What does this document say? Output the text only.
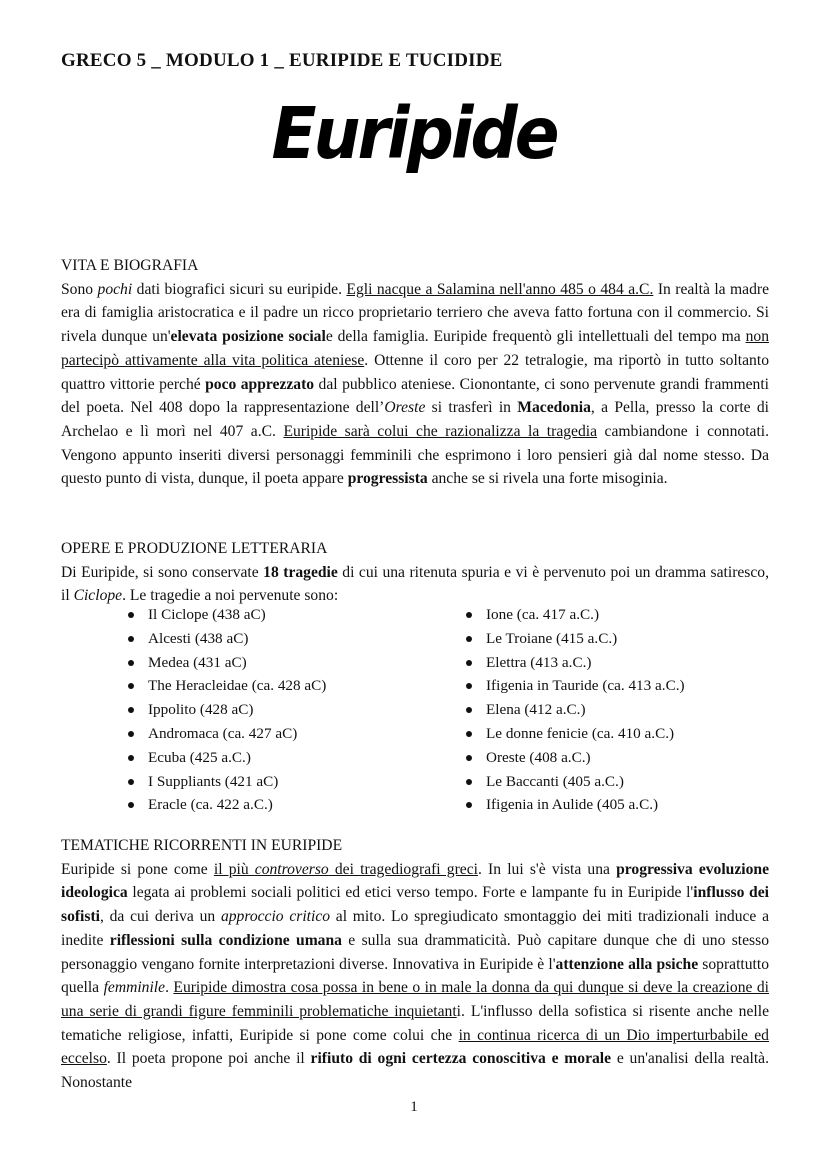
GRECO 5 _ MODULO 1 _ EURIPIDE E TUCIDIDE
Euripide
VITA E BIOGRAFIA
Sono pochi dati biografici sicuri su euripide. Egli nacque a Salamina nell'anno 485 o 484 a.C. In realtà la madre era di famiglia aristocratica e il padre un ricco proprietario terriero che aveva fatto fortuna con il commercio. Si rivela dunque un'elevata posizione sociale della famiglia. Euripide frequentò gli intellettuali del tempo ma non partecipò attivamente alla vita politica ateniese. Ottenne il coro per 22 tetralogie, ma riportò in tutto soltanto quattro vittorie perché poco apprezzato dal pubblico ateniese. Cionontante, ci sono pervenute grandi frammenti del poeta. Nel 408 dopo la rappresentazione dell’Oreste si trasferì in Macedonia, a Pella, presso la corte di Archelao e lì morì nel 407 a.C. Euripide sarà colui che razionalizza la tragedia cambiandone i connotati. Vengono appunto inseriti diversi personaggi femminili che esprimono i loro pensieri già dal nome stesso. Da questo punto di vista, dunque, il poeta appare progressista anche se si rivela una forte misoginia.
OPERE E PRODUZIONE LETTERARIA
Di Euripide, si sono conservate 18 tragedie di cui una ritenuta spuria e vi è pervenuto poi un dramma satiresco, il Ciclope. Le tragedie a noi pervenute sono:
Il Ciclope (438 aC)
Alcesti (438 aC)
Medea (431 aC)
The Heracleidae (ca. 428 aC)
Ippolito (428 aC)
Andromaca (ca. 427 aC)
Ecuba (425 a.C.)
I Suppliants (421 aC)
Eracle (ca. 422 a.C.)
Ione (ca. 417 a.C.)
Le Troiane (415 a.C.)
Elettra (413 a.C.)
Ifigenia in Tauride (ca. 413 a.C.)
Elena (412 a.C.)
Le donne fenicie (ca. 410 a.C.)
Oreste (408 a.C.)
Le Baccanti (405 a.C.)
Ifigenia in Aulide (405 a.C.)
TEMATICHE RICORRENTI IN EURIPIDE
Euripide si pone come il più controverso dei tragediografi greci. In lui s'è vista una progressiva evoluzione ideologica legata ai problemi sociali politici ed etici verso tempo. Forte e lampante fu in Euripide l'influsso dei sofisti, da cui deriva un approccio critico al mito. Lo spregiudicato smontaggio dei miti tradizionali induce a inedite riflessioni sulla condizione umana e sulla sua drammaticità. Può capitare dunque che di uno stesso personaggio vengano fornite interpretazioni diverse. Innovativa in Euripide è l'attenzione alla psiche soprattutto quella femminile. Euripide dimostra cosa possa in bene o in male la donna da qui dunque si deve la creazione di una serie di grandi figure femminili problematiche inquietanti. L'influsso della sofistica si risente anche nelle tematiche religiose, infatti, Euripide si pone come colui che in continua ricerca di un Dio imperturbabile ed eccelso. Il poeta propone poi anche il rifiuto di ogni certezza conoscitiva e morale e un'analisi della realtà. Nonostante
1
